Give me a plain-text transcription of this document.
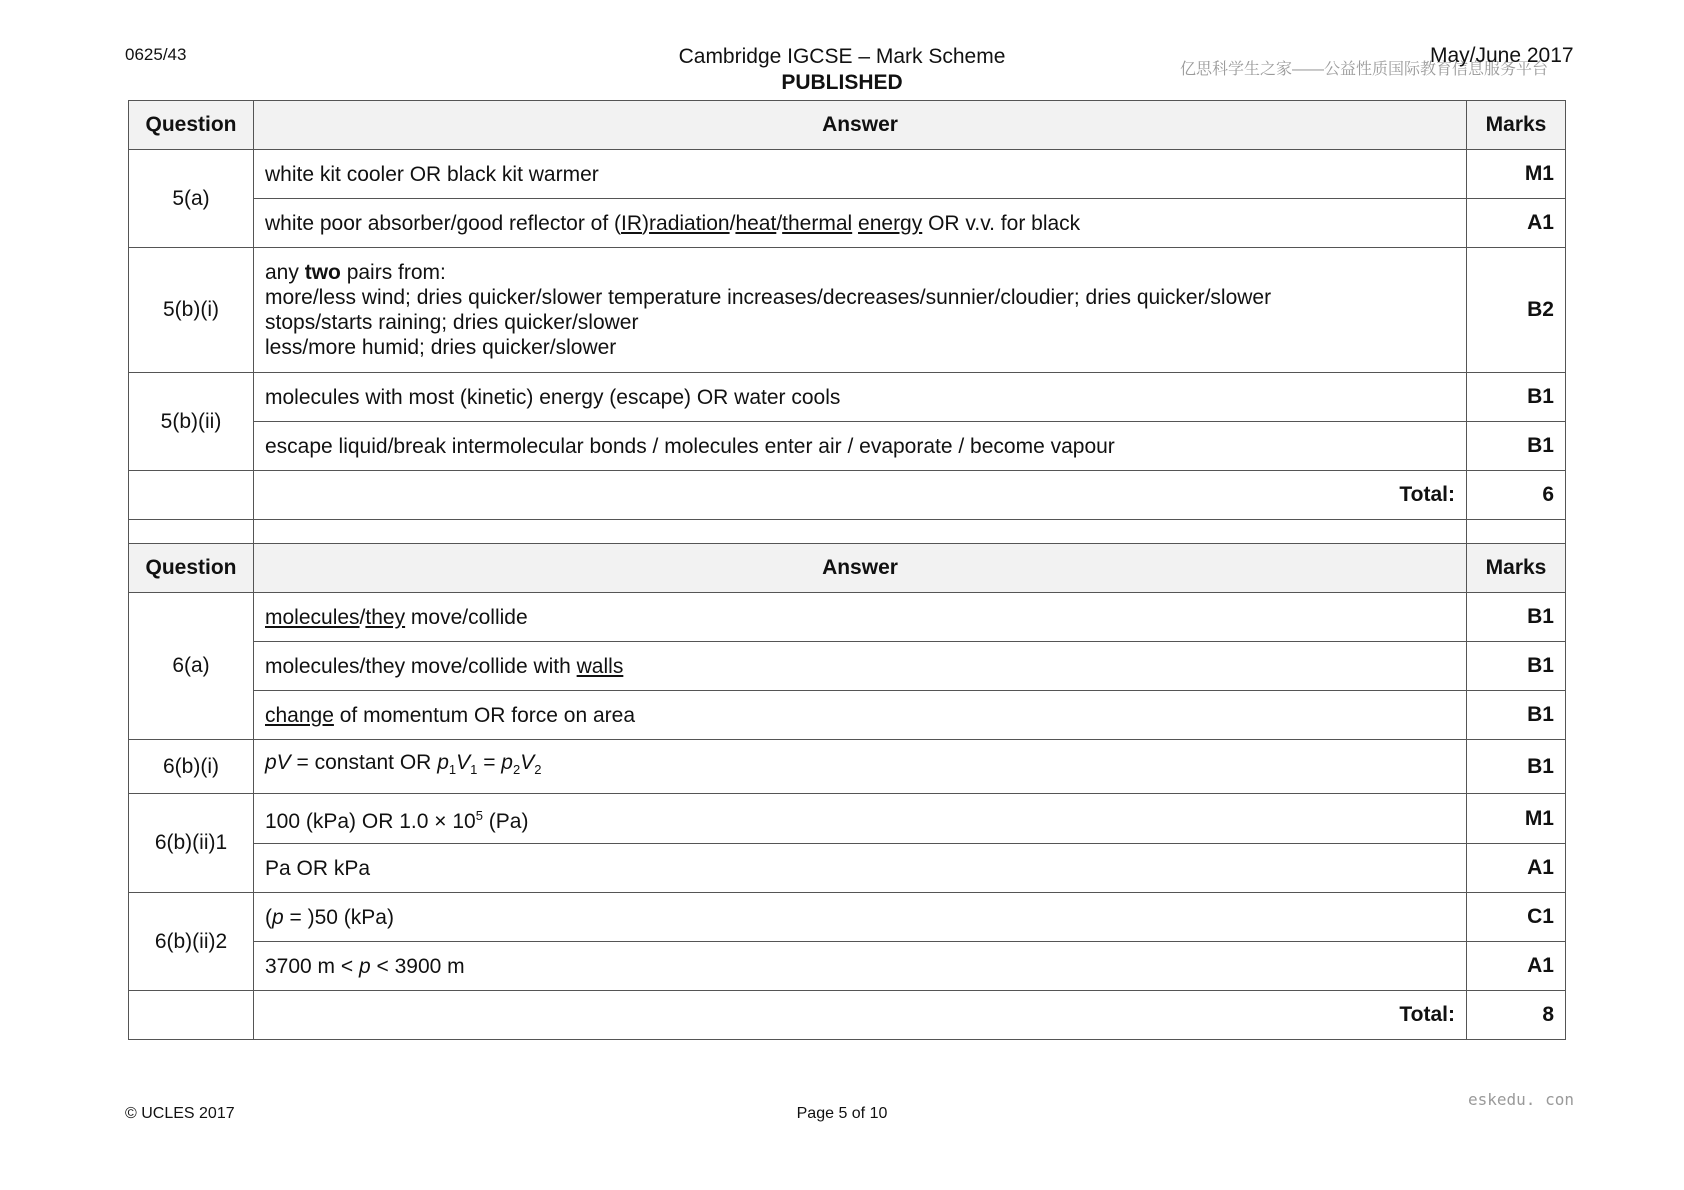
0625/43	Cambridge IGCSE – Mark Scheme
PUBLISHED
亿思科学生之家——公益性质国际教育信息服务平台
May/June 2017
Question	Answer	Marks
5(a)	white kit cooler OR black kit warmer	M1
	white poor absorber/good reflector of (IR)radiation/heat/thermal energy OR v.v. for black	A1
5(b)(i)	any two pairs from:
more/less wind; dries quicker/slower temperature increases/decreases/sunnier/cloudier; dries quicker/slower
stops/starts raining; dries quicker/slower
less/more humid; dries quicker/slower	B2
5(b)(ii)	molecules with most (kinetic) energy (escape) OR water cools	B1
	escape liquid/break intermolecular bonds / molecules enter air / evaporate / become vapour	B1
	Total:	6

Question	Answer	Marks
6(a)	molecules/they move/collide	B1
	molecules/they move/collide with walls	B1
	change of momentum OR force on area	B1
6(b)(i)	pV = constant OR $p_1V_1 = p_2V_2$	B1
6(b)(ii)1	100 (kPa) OR $1.0 \times 10^5$ (Pa)	M1
	Pa OR kPa	A1
6(b)(ii)2	(p = )50 (kPa)	C1
	3700 m < p < 3900 m	A1
	Total:	8
eskedu. con
© UCLES 2017	Page 5 of 10
